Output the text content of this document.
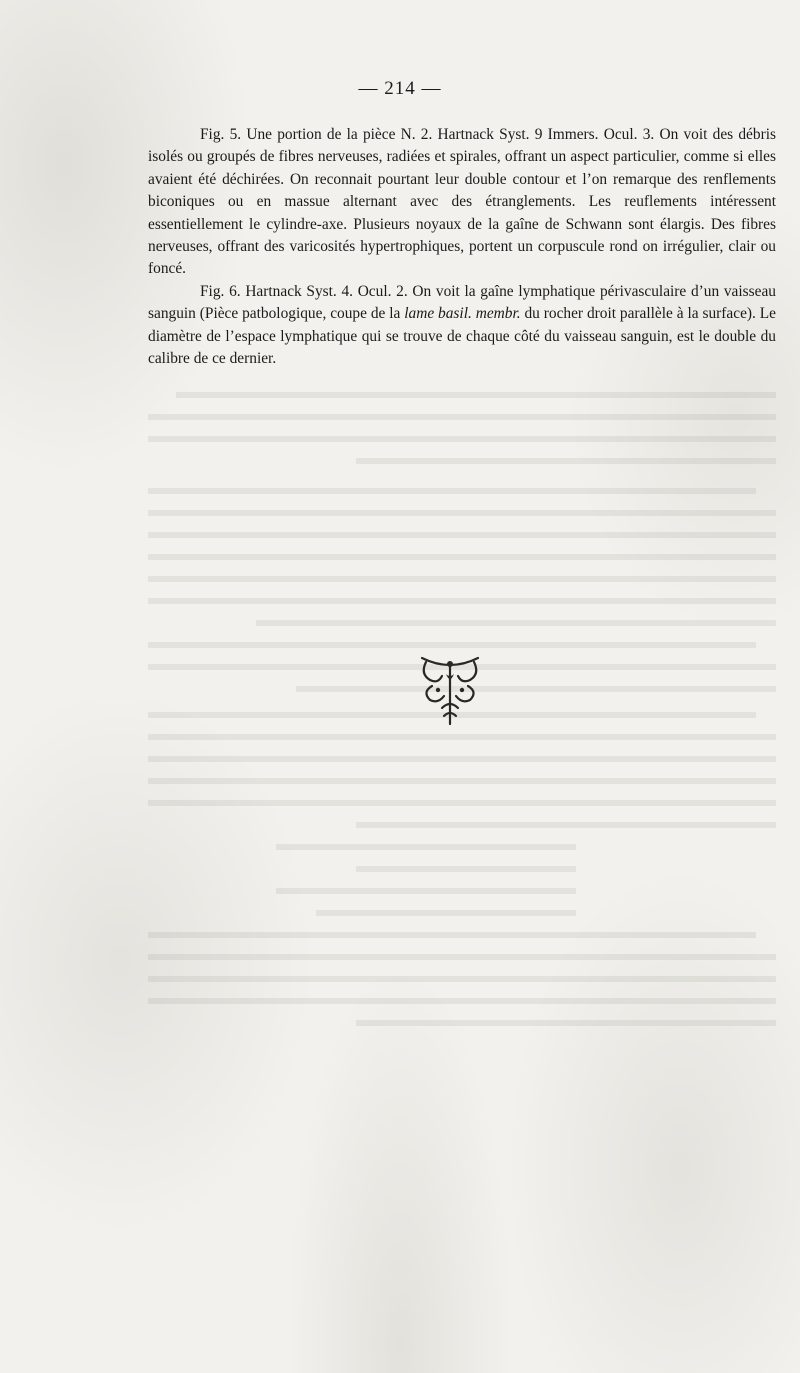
— 214 —

Fig. 5. Une portion de la pièce N. 2. Hartnack Syst. 9 Immers. Ocul. 3. On voit des débris isolés ou groupés de fibres nerveuses, radiées et spirales, offrant un aspect particulier, comme si elles avaient été déchirées. On reconnait pourtant leur double contour et l’on remarque des renflements biconiques ou en massue alternant avec des étranglements. Les reuflements intéressent essentiellement le cylindre-axe. Plusieurs noyaux de la gaîne de Schwann sont élargis. Des fibres nerveuses, offrant des varicosités hypertrophiques, portent un corpuscule rond on irrégulier, clair ou foncé.

Fig. 6. Hartnack Syst. 4. Ocul. 2. On voit la gaîne lymphatique périvasculaire d’un vaisseau sanguin (Pièce patbologique, coupe de la lame basil. membr. du rocher droit parallèle à la surface). Le diamètre de l’espace lymphatique qui se trouve de chaque côté du vaisseau sanguin, est le double du calibre de ce dernier.
